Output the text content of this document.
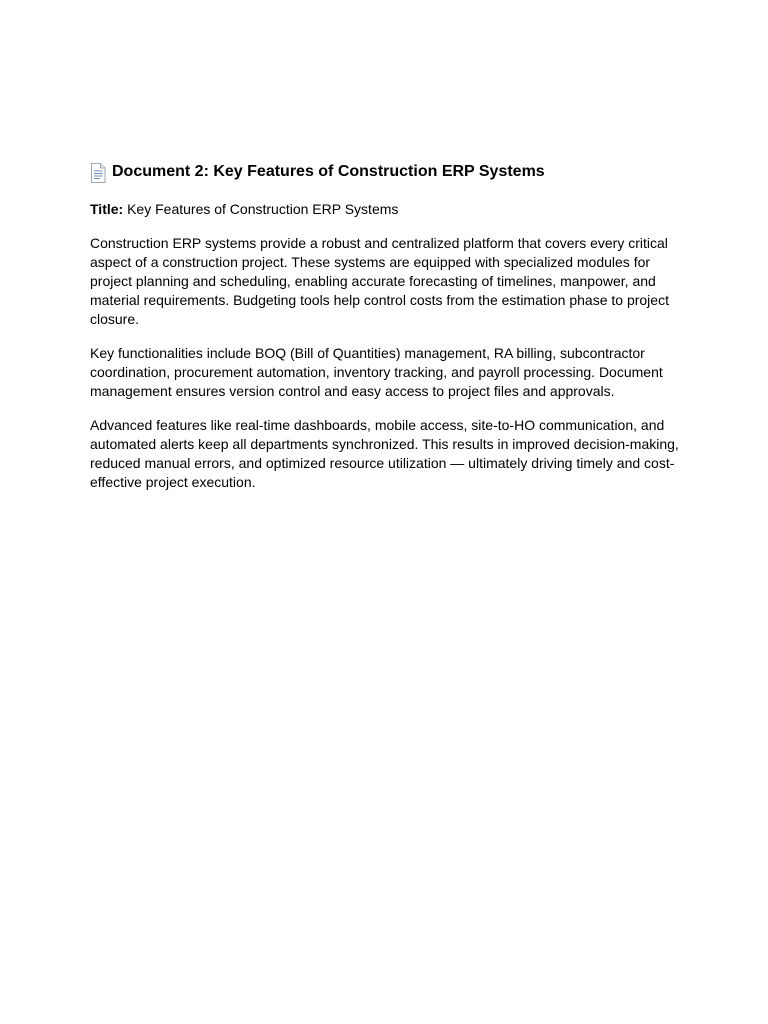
Document 2: Key Features of Construction ERP Systems
Title: Key Features of Construction ERP Systems

Construction ERP systems provide a robust and centralized platform that covers every critical aspect of a construction project. These systems are equipped with specialized modules for project planning and scheduling, enabling accurate forecasting of timelines, manpower, and material requirements. Budgeting tools help control costs from the estimation phase to project closure.

Key functionalities include BOQ (Bill of Quantities) management, RA billing, subcontractor coordination, procurement automation, inventory tracking, and payroll processing. Document management ensures version control and easy access to project files and approvals.

Advanced features like real-time dashboards, mobile access, site-to-HO communication, and automated alerts keep all departments synchronized. This results in improved decision-making, reduced manual errors, and optimized resource utilization — ultimately driving timely and cost-effective project execution.
